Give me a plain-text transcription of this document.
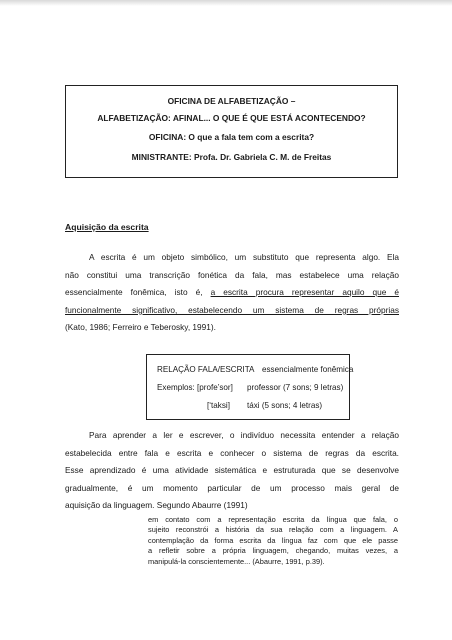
OFICINA DE ALFABETIZAÇÃO –
ALFABETIZAÇÃO: AFINAL... O QUE É QUE ESTÁ ACONTECENDO?
OFICINA: O que a fala tem com a escrita?
MINISTRANTE: Profa. Dr. Gabriela C. M. de Freitas
Aquisição da escrita
A escrita é um objeto simbólico, um substituto que representa algo. Ela
não constitui uma transcrição fonética da fala, mas estabelece uma relação
essencialmente fonêmica, isto é, a escrita procura representar aquilo que é
funcionalmente significativo, estabelecendo um sistema de regras próprias
(Kato, 1986; Ferreiro e Teberosky, 1991).
RELAÇÃO FALA/ESCRITA essencialmente fonêmica
Exemplos: [profe’sor] professor (7 sons; 9 letras)
[‘taksi] táxi (5 sons; 4 letras)
Para aprender a ler e escrever, o indivíduo necessita entender a relação
estabelecida entre fala e escrita e conhecer o sistema de regras da escrita.
Esse aprendizado é uma atividade sistemática e estruturada que se desenvolve
gradualmente, é um momento particular de um processo mais geral de
aquisição da linguagem. Segundo Abaurre (1991)
em contato com a representação escrita da língua que fala, o
sujeito reconstrói a história da sua relação com a linguagem. A
contemplação da forma escrita da língua faz com que ele passe
a refletir sobre a própria linguagem, chegando, muitas vezes, a
manipulá-la conscientemente... (Abaurre, 1991, p.39).
